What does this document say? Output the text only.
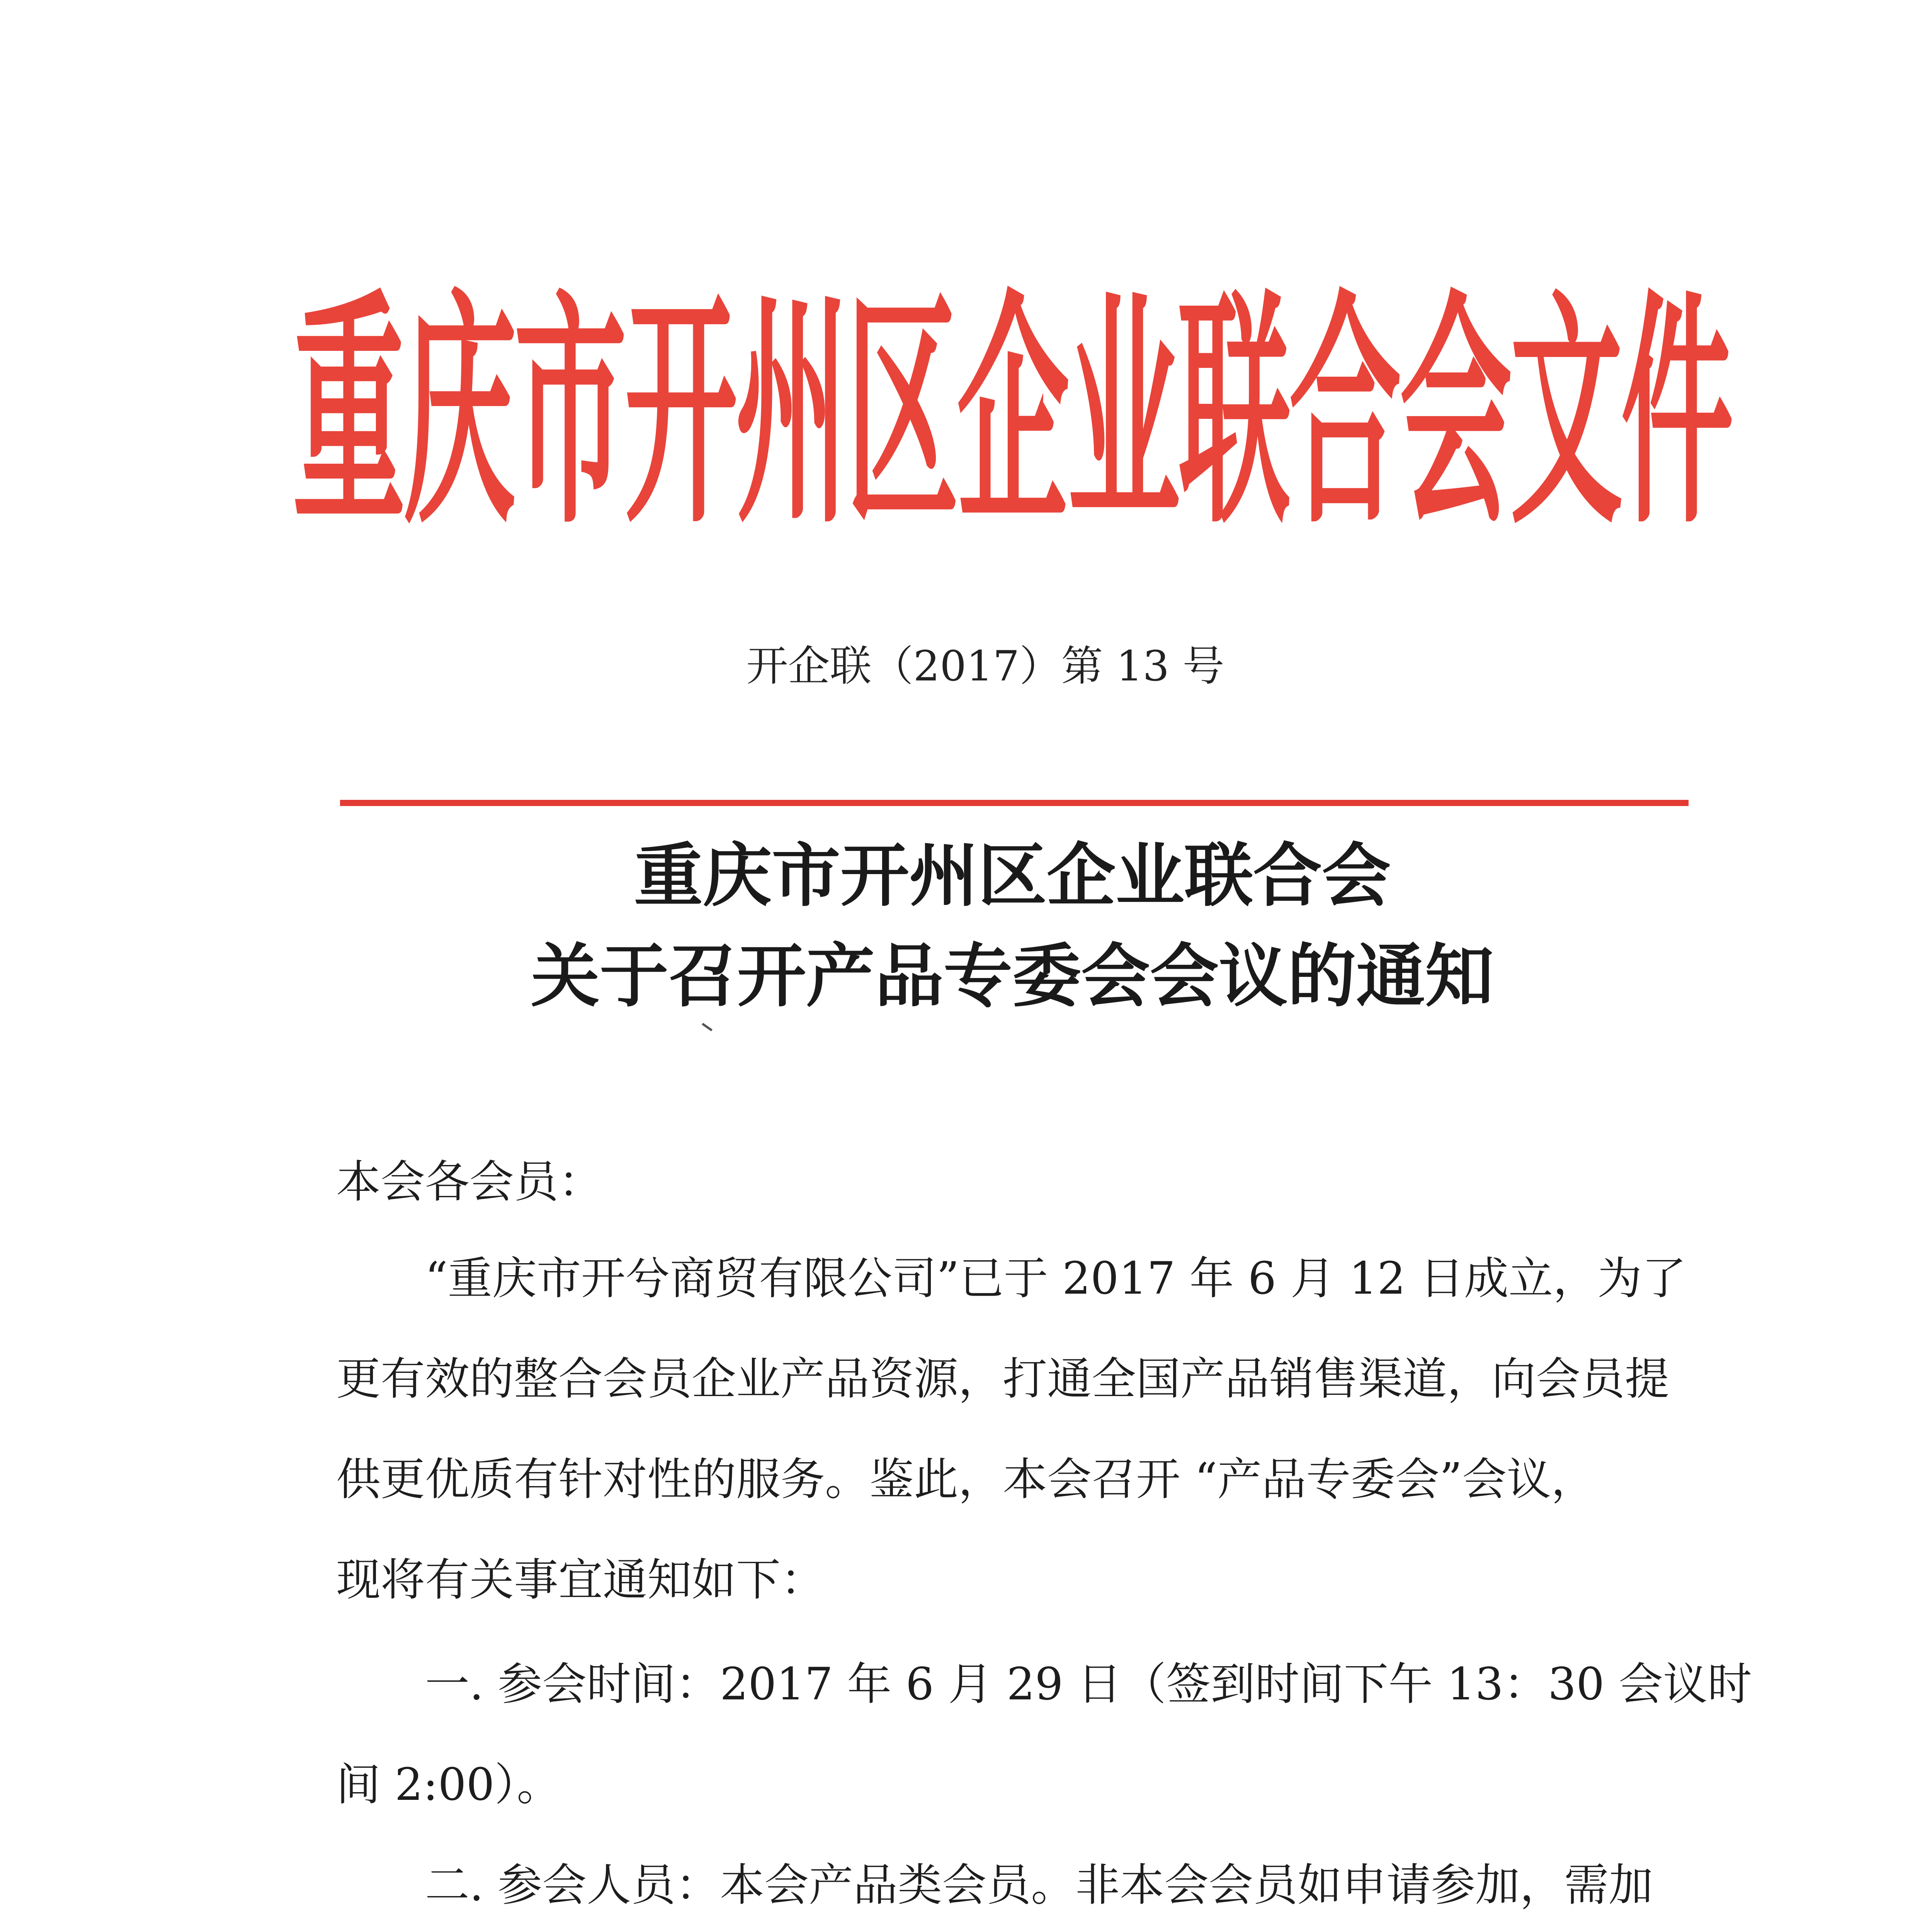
重庆市开州区企业联合会文件
开企联（2017）第 13 号
重庆市开州区企业联合会
关于召开产品专委会会议的通知
本会各会员：
“重庆市开兮商贸有限公司”已于 2017 年 6 月 12 日成立，为了
更有效的整合会员企业产品资源，打通全国产品销售渠道，向会员提
供更优质有针对性的服务。鉴此，本会召开 “产品专委会”会议，
现将有关事宜通知如下：
一. 参会时间：2017 年 6 月 29 日（签到时间下午 13：30 会议时
间 2:00）。
二. 参会人员：本会产品类会员。非本会会员如申请参加，需加
